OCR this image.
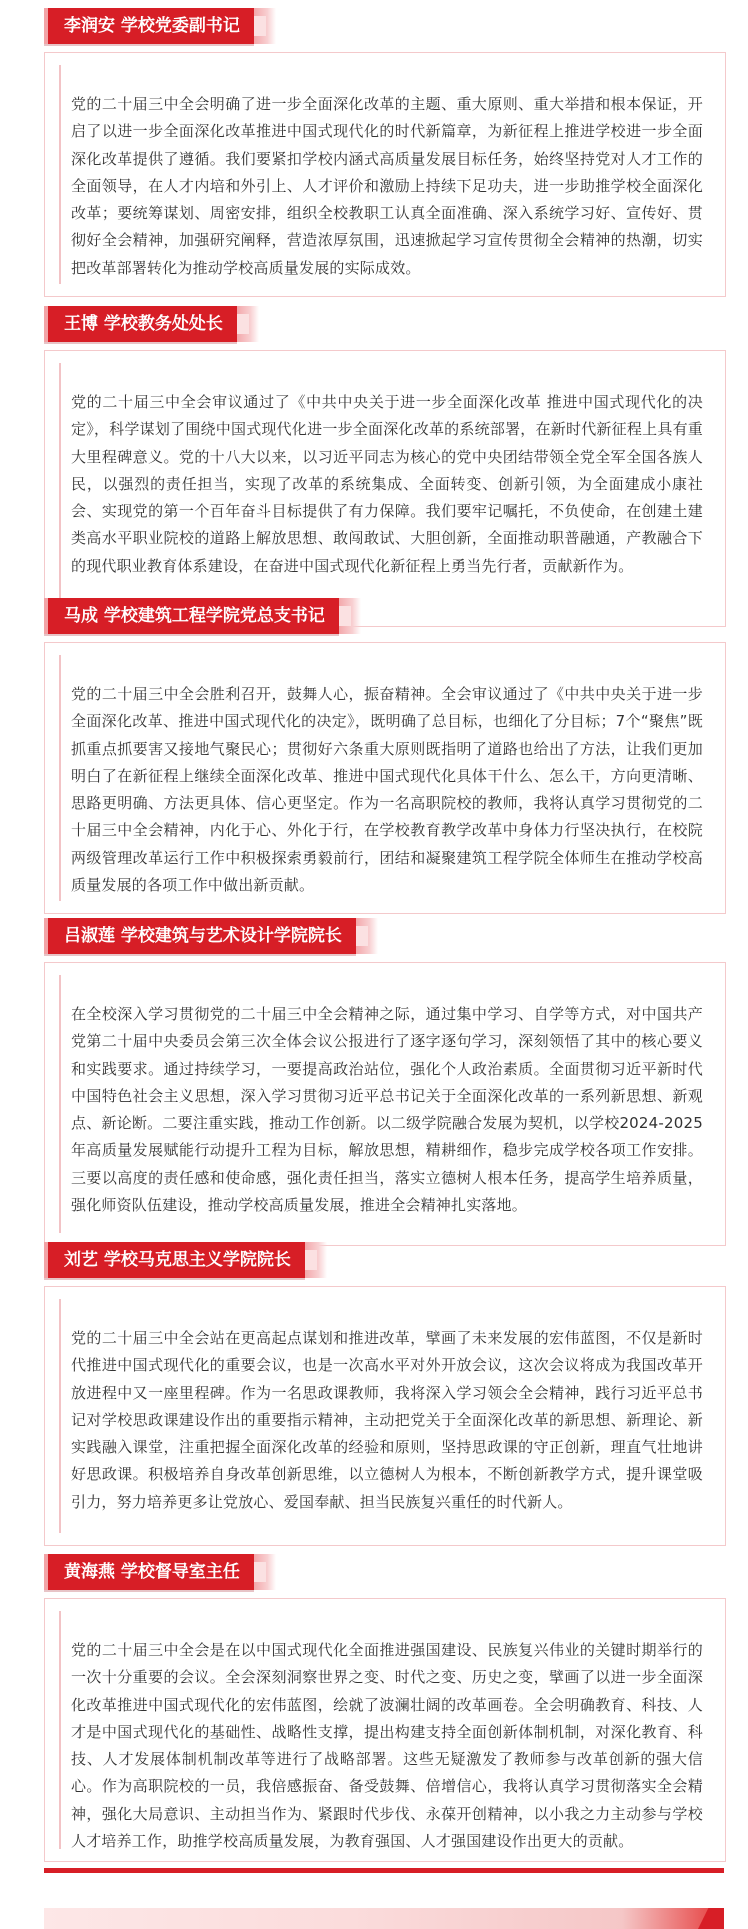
李润安 学校党委副书记

党的二十届三中全会明确了进一步全面深化改革的主题、重大原则、重大举措和根本保证，开启了以进一步全面深化改革推进中国式现代化的时代新篇章，为新征程上推进学校进一步全面深化改革提供了遵循。我们要紧扣学校内涵式高质量发展目标任务，始终坚持党对人才工作的全面领导，在人才内培和外引上、人才评价和激励上持续下足功夫，进一步助推学校全面深化改革；要统筹谋划、周密安排，组织全校教职工认真全面准确、深入系统学习好、宣传好、贯彻好全会精神，加强研究阐释，营造浓厚氛围，迅速掀起学习宣传贯彻全会精神的热潮，切实把改革部署转化为推动学校高质量发展的实际成效。

王博 学校教务处处长

党的二十届三中全会审议通过了《中共中央关于进一步全面深化改革 推进中国式现代化的决定》，科学谋划了围绕中国式现代化进一步全面深化改革的系统部署，在新时代新征程上具有重大里程碑意义。党的十八大以来，以习近平同志为核心的党中央团结带领全党全军全国各族人民，以强烈的责任担当，实现了改革的系统集成、全面转变、创新引领，为全面建成小康社会、实现党的第一个百年奋斗目标提供了有力保障。我们要牢记嘱托，不负使命，在创建土建类高水平职业院校的道路上解放思想、敢闯敢试、大胆创新，全面推动职普融通，产教融合下的现代职业教育体系建设，在奋进中国式现代化新征程上勇当先行者，贡献新作为。

马成 学校建筑工程学院党总支书记

党的二十届三中全会胜利召开，鼓舞人心，振奋精神。全会审议通过了《中共中央关于进一步全面深化改革、推进中国式现代化的决定》，既明确了总目标，也细化了分目标；7个“聚焦”既抓重点抓要害又接地气聚民心；贯彻好六条重大原则既指明了道路也给出了方法，让我们更加明白了在新征程上继续全面深化改革、推进中国式现代化具体干什么、怎么干，方向更清晰、思路更明确、方法更具体、信心更坚定。作为一名高职院校的教师，我将认真学习贯彻党的二十届三中全会精神，内化于心、外化于行，在学校教育教学改革中身体力行坚决执行，在校院两级管理改革运行工作中积极探索勇毅前行，团结和凝聚建筑工程学院全体师生在推动学校高质量发展的各项工作中做出新贡献。

吕淑莲 学校建筑与艺术设计学院院长

在全校深入学习贯彻党的二十届三中全会精神之际，通过集中学习、自学等方式，对中国共产党第二十届中央委员会第三次全体会议公报进行了逐字逐句学习，深刻领悟了其中的核心要义和实践要求。通过持续学习，一要提高政治站位，强化个人政治素质。全面贯彻习近平新时代中国特色社会主义思想，深入学习贯彻习近平总书记关于全面深化改革的一系列新思想、新观点、新论断。二要注重实践，推动工作创新。以二级学院融合发展为契机，以学校2024-2025年高质量发展赋能行动提升工程为目标，解放思想，精耕细作，稳步完成学校各项工作安排。三要以高度的责任感和使命感，强化责任担当，落实立德树人根本任务，提高学生培养质量，强化师资队伍建设，推动学校高质量发展，推进全会精神扎实落地。

刘艺 学校马克思主义学院院长

党的二十届三中全会站在更高起点谋划和推进改革，擘画了未来发展的宏伟蓝图，不仅是新时代推进中国式现代化的重要会议，也是一次高水平对外开放会议，这次会议将成为我国改革开放进程中又一座里程碑。作为一名思政课教师，我将深入学习领会全会精神，践行习近平总书记对学校思政课建设作出的重要指示精神，主动把党关于全面深化改革的新思想、新理论、新实践融入课堂，注重把握全面深化改革的经验和原则，坚持思政课的守正创新，理直气壮地讲好思政课。积极培养自身改革创新思维，以立德树人为根本，不断创新教学方式，提升课堂吸引力，努力培养更多让党放心、爱国奉献、担当民族复兴重任的时代新人。

黄海燕 学校督导室主任

党的二十届三中全会是在以中国式现代化全面推进强国建设、民族复兴伟业的关键时期举行的一次十分重要的会议。全会深刻洞察世界之变、时代之变、历史之变，擘画了以进一步全面深化改革推进中国式现代化的宏伟蓝图，绘就了波澜壮阔的改革画卷。全会明确教育、科技、人才是中国式现代化的基础性、战略性支撑，提出构建支持全面创新体制机制，对深化教育、科技、人才发展体制机制改革等进行了战略部署。这些无疑激发了教师参与改革创新的强大信心。作为高职院校的一员，我倍感振奋、备受鼓舞、倍增信心，我将认真学习贯彻落实全会精神，强化大局意识、主动担当作为、紧跟时代步伐、永葆开创精神，以小我之力主动参与学校人才培养工作，助推学校高质量发展，为教育强国、人才强国建设作出更大的贡献。
